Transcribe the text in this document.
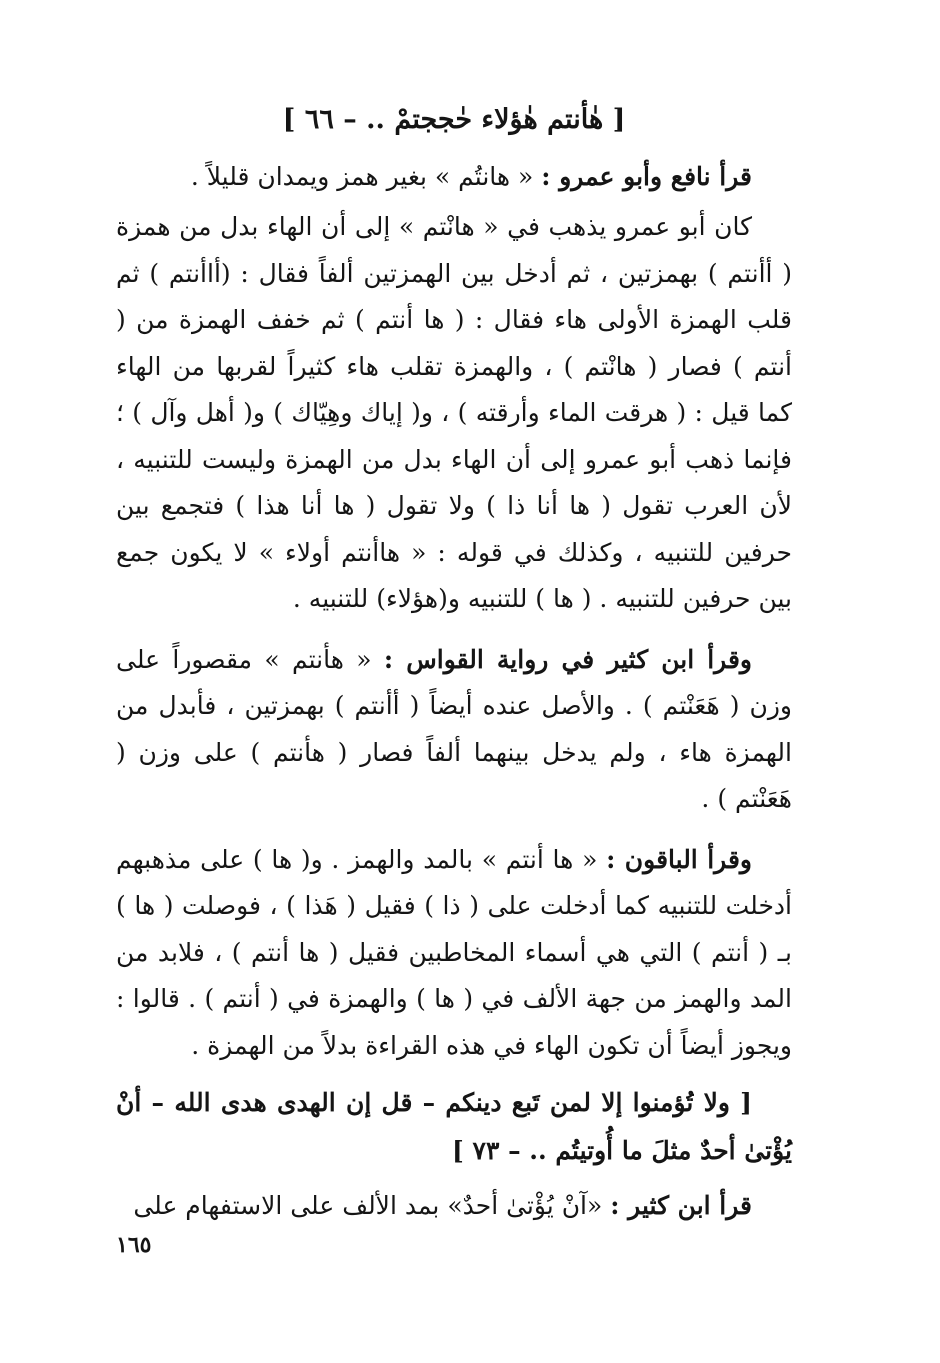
[ هٰأنتم هٰؤلاء حٰججتمْ .. – ٦٦ ]

قرأ نافع وأبو عمرو : « هانتُم » بغير همز ويمدان قليلاً .

كان أبو عمرو يذهب في « هانْتم » إلى أن الهاء بدل من همزة ( أأنتم ) بهمزتين ، ثم أدخل بين الهمزتين ألفاً فقال : (أاأنتم ) ثم قلب الهمزة الأولى هاء فقال : ( ها أنتم ) ثم خفف الهمزة من ( أنتم ) فصار ( هانْتم ) ، والهمزة تقلب هاء كثيراً لقربها من الهاء كما قيل : ( هرقت الماء وأرقته ) ، و( إياك وهِيّاك ) و( أهل وآل ) ؛ فإنما ذهب أبو عمرو إلى أن الهاء بدل من الهمزة وليست للتنبيه ، لأن العرب تقول ( ها أنا ذا ) ولا تقول ( ها أنا هذا ) فتجمع بين حرفين للتنبيه ، وكذلك في قوله : « هاأنتم أولاء » لا يكون جمع بين حرفين للتنبيه . ( ها ) للتنبيه و(هؤلاء) للتنبيه .

وقرأ ابن كثير في رواية القواس : « هأنتم » مقصوراً على وزن ( هَعَنْتم ) . والأصل عنده أيضاً ( أأنتم ) بهمزتين ، فأبدل من الهمزة هاء ، ولم يدخل بينهما ألفاً فصار ( هأنتم ) على وزن ( هَعَنْتم ) .

وقرأ الباقون : « ها أنتم » بالمد والهمز . و( ها ) على مذهبهم أدخلت للتنبيه كما أدخلت على ( ذا ) فقيل ( هَذا ) ، فوصلت ( ها ) بـ ( أنتم ) التي هي أسماء المخاطبين فقيل ( ها أنتم ) ، فلابد من المد والهمز من جهة الألف في ( ها ) والهمزة في ( أنتم ) . قالوا : ويجوز أيضاً أن تكون الهاء في هذه القراءة بدلاً من الهمزة .

[ ولا تُؤمنوا إلا لمن تَبع دينكم – قل إن الهدى هدى الله – أنْ يُؤْتىٰ أحدٌ مثلَ ما أُوتيتُم .. – ٧٣ ]

قرأ ابن كثير : «آنْ يُؤْتىٰ أحدٌ» بمد الألف على الاستفهام على

١٦٥
